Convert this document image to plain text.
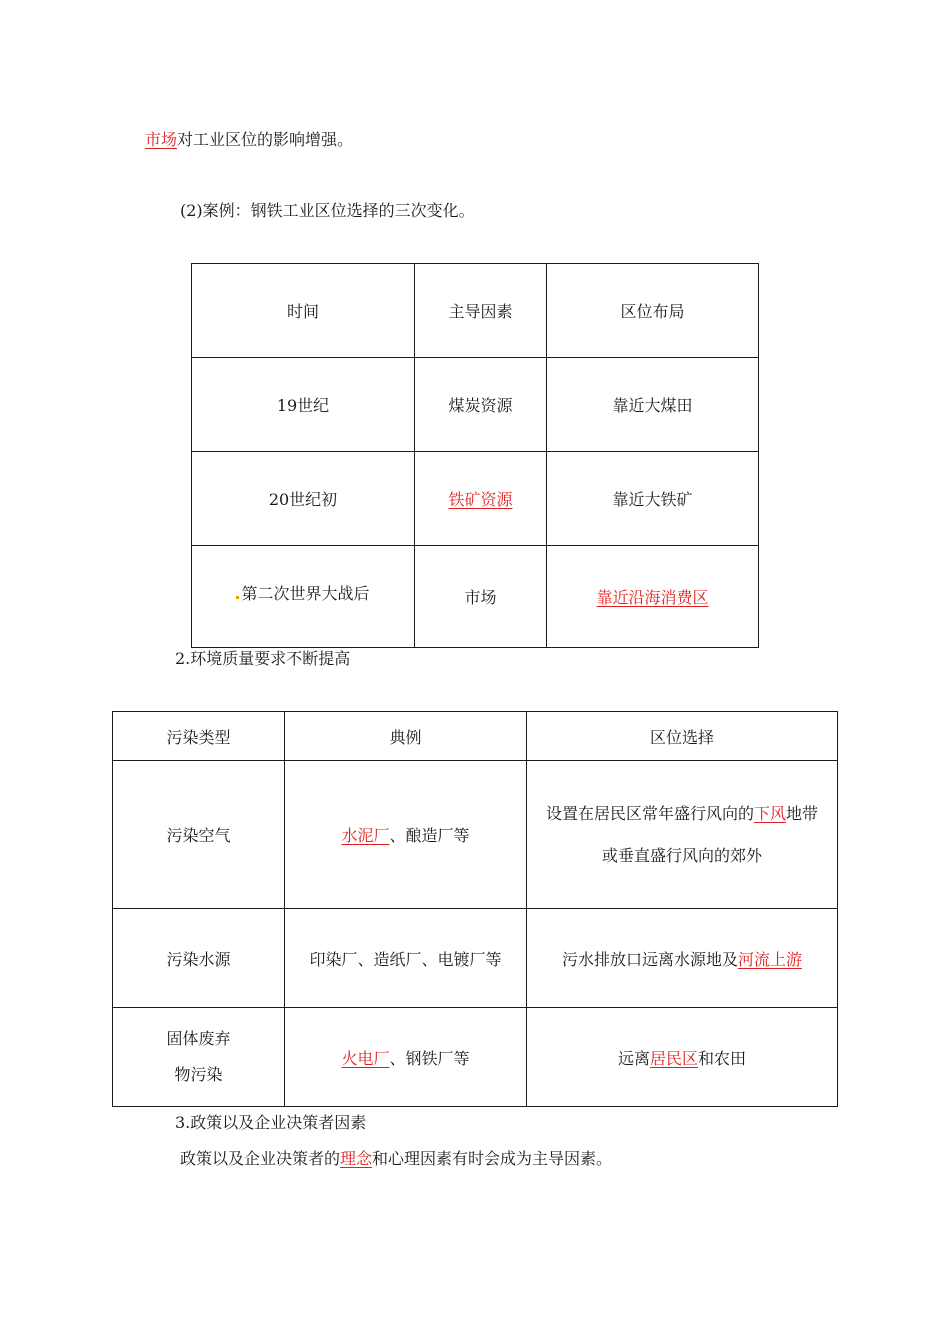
市场对工业区位的影响增强。
(2)案例：钢铁工业区位选择的三次变化。
时间	主导因素	区位布局
19世纪	煤炭资源	靠近大煤田
20世纪初	铁矿资源	靠近大铁矿
第二次世界大战后	市场	靠近沿海消费区
2.环境质量要求不断提高
污染类型	典例	区位选择
污染空气	水泥厂、酿造厂等	设置在居民区常年盛行风向的下风地带
或垂直盛行风向的郊外

污染水源	印染厂、造纸厂、电镀厂等	污水排放口远离水源地及河流上游

固体废弃
物污染	火电厂、钢铁厂等	远离居民区和农田
3.政策以及企业决策者因素
政策以及企业决策者的理念和心理因素有时会成为主导因素。
